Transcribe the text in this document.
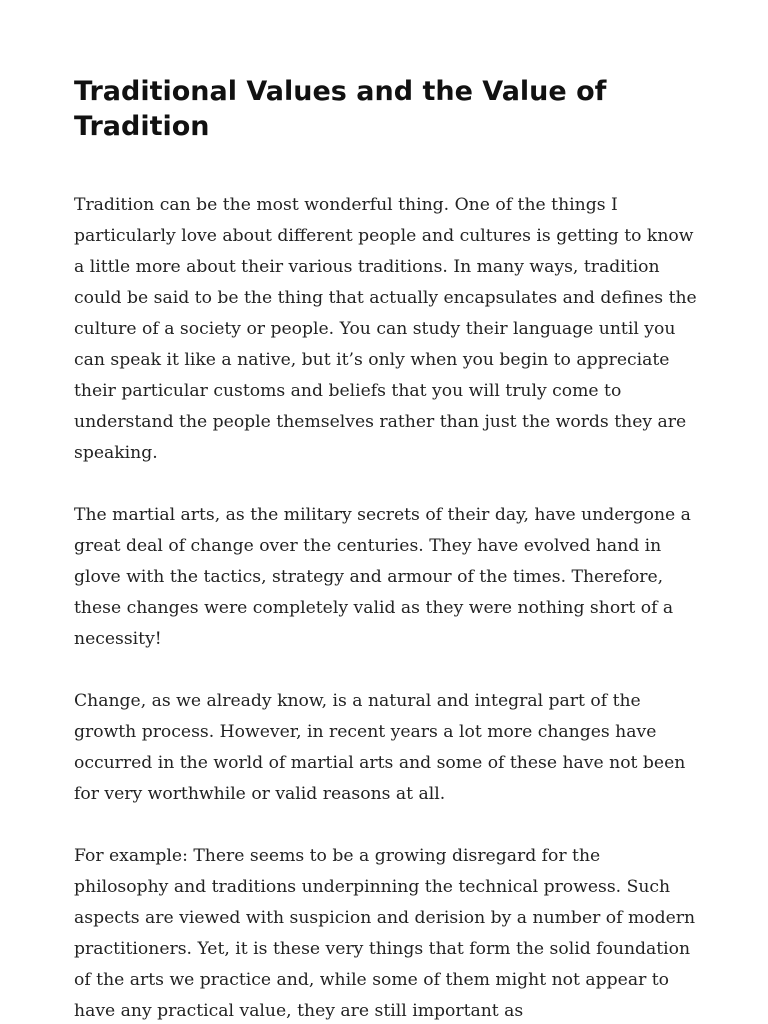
Traditional Values and the Value of Tradition

Tradition can be the most wonderful thing. One of the things I particularly love about different people and cultures is getting to know a little more about their various traditions. In many ways, tradition could be said to be the thing that actually encapsulates and defines the culture of a society or people. You can study their language until you can speak it like a native, but it’s only when you begin to appreciate their particular customs and beliefs that you will truly come to understand the people themselves rather than just the words they are speaking.

The martial arts, as the military secrets of their day, have undergone a great deal of change over the centuries. They have evolved hand in glove with the tactics, strategy and armour of the times. Therefore, these changes were completely valid as they were nothing short of a necessity!

Change, as we already know, is a natural and integral part of the growth process. However, in recent years a lot more changes have occurred in the world of martial arts and some of these have not been for very worthwhile or valid reasons at all.

For example: There seems to be a growing disregard for the philosophy and traditions underpinning the technical prowess. Such aspects are viewed with suspicion and derision by a number of modern practitioners. Yet, it is these very things that form the solid foundation of the arts we practice and, while some of them might not appear to have any practical value, they are still important as
